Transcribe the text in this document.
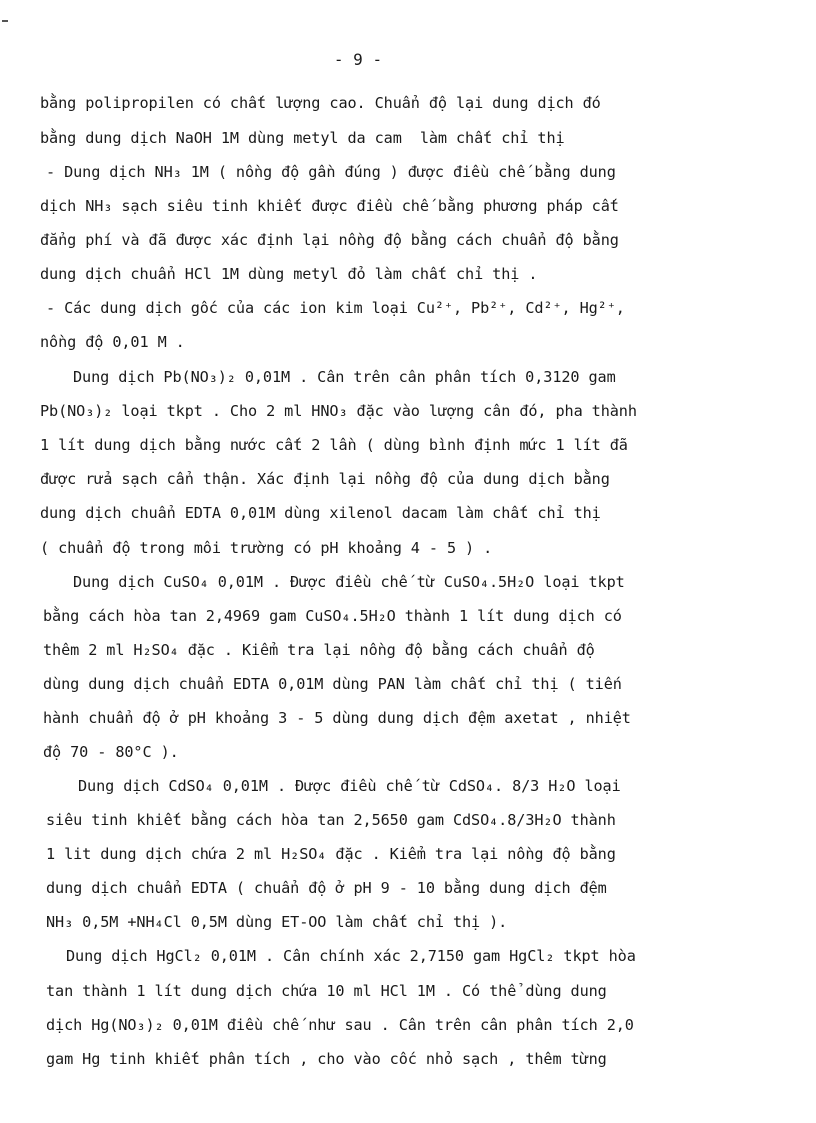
- 9 -
bằng polipropilen có chất lượng cao. Chuẩn độ lại dung dịch đó
bằng dung dịch NaOH 1M dùng metyl da cam  làm chất chỉ thị
- Dung dịch NH₃ 1M ( nồng độ gần đúng ) được điều chế bằng dung
dịch NH₃ sạch siêu tinh khiết được điều chế bằng phương pháp cất
đẳng phí và đã được xác định lại nồng độ bằng cách chuẩn độ bằng
dung dịch chuẩn HCl 1M dùng metyl đỏ làm chất chỉ thị .
- Các dung dịch gốc của các ion kim loại Cu²⁺, Pb²⁺, Cd²⁺, Hg²⁺,
nồng độ 0,01 M .
Dung dịch Pb(NO₃)₂ 0,01M . Cân trên cân phân tích 0,3120 gam
Pb(NO₃)₂ loại tkpt . Cho 2 ml HNO₃ đặc vào lượng cân đó, pha thành
1 lít dung dịch bằng nước cất 2 lần ( dùng bình định mức 1 lít đã
được rửa sạch cẩn thận. Xác định lại nồng độ của dung dịch bằng
dung dịch chuẩn EDTA 0,01M dùng xilenol dacam làm chất chỉ thị
( chuẩn độ trong môi trường có pH khoảng 4 - 5 ) .
Dung dịch CuSO₄ 0,01M . Được điều chế từ CuSO₄.5H₂O loại tkpt
bằng cách hòa tan 2,4969 gam CuSO₄.5H₂O thành 1 lít dung dịch có
thêm 2 ml H₂SO₄ đặc . Kiểm tra lại nồng độ bằng cách chuẩn độ
dùng dung dịch chuẩn EDTA 0,01M dùng PAN làm chất chỉ thị ( tiến
hành chuẩn độ ở pH khoảng 3 - 5 dùng dung dịch đệm axetat , nhiệt
độ 70 - 80°C ).
Dung dịch CdSO₄ 0,01M . Được điều chế từ CdSO₄. 8/3 H₂O loại
siêu tinh khiết bằng cách hòa tan 2,5650 gam CdSO₄.8/3H₂O thành
1 lit dung dịch chứa 2 ml H₂SO₄ đặc . Kiểm tra lại nồng độ bằng
dung dịch chuẩn EDTA ( chuẩn độ ở pH 9 - 10 bằng dung dịch đệm
NH₃ 0,5M +NH₄Cl 0,5M dùng ET-OO làm chất chỉ thị ).
Dung dịch HgCl₂ 0,01M . Cân chính xác 2,7150 gam HgCl₂ tkpt hòa
tan thành 1 lít dung dịch chứa 10 ml HCl 1M . Có thể dùng dung
dịch Hg(NO₃)₂ 0,01M điều chế như sau . Cân trên cân phân tích 2,0
gam Hg tinh khiết phân tích , cho vào cốc nhỏ sạch , thêm từng
